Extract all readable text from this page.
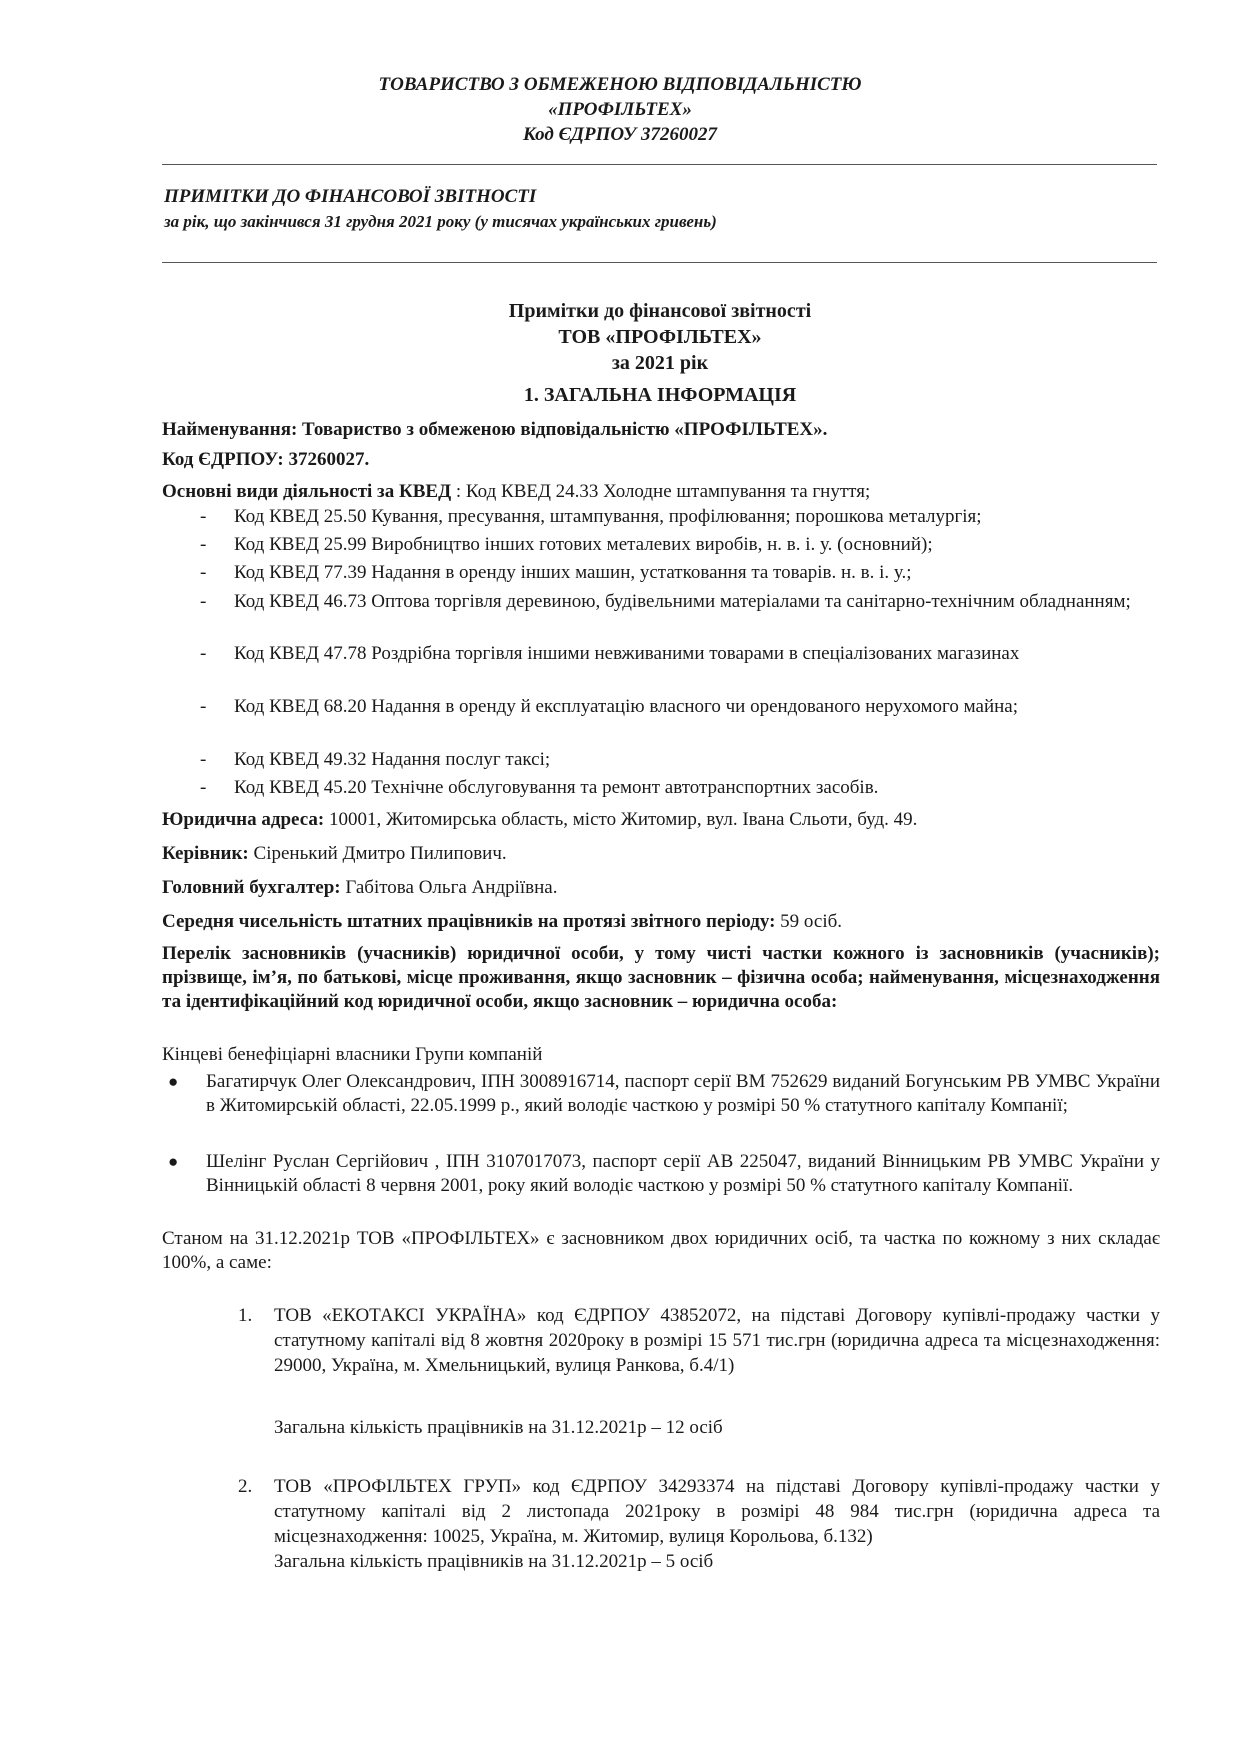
ТОВАРИСТВО З ОБМЕЖЕНОЮ ВІДПОВІДАЛЬНІСТЮ
«ПРОФІЛЬТЕХ»
Код ЄДРПОУ 37260027
ПРИМІТКИ ДО ФІНАНСОВОЇ ЗВІТНОСТІ
за рік, що закінчився 31 грудня 2021 року (у тисячах українських гривень)
Примітки до фінансової звітності
ТОВ «ПРОФІЛЬТЕХ»
за 2021 рік
1. ЗАГАЛЬНА ІНФОРМАЦІЯ
Найменування: Товариство з обмеженою відповідальністю «ПРОФІЛЬТЕХ».
Код ЄДРПОУ: 37260027.
Основні види діяльності за КВЕД : Код КВЕД 24.33 Холодне штампування та гнуття;
-	Код КВЕД 25.50 Кування, пресування, штампування, профілювання; порошкова металургія;
-	Код КВЕД 25.99 Виробництво інших готових металевих виробів, н. в. і. у. (основний);
-	Код КВЕД 77.39 Надання в оренду інших машин, устатковання та товарів. н. в. і. у.;
-	Код КВЕД 46.73 Оптова торгівля деревиною, будівельними матеріалами та санітарно-технічним обладнанням;
-	Код КВЕД 47.78 Роздрібна торгівля іншими невживаними товарами в спеціалізованих магазинах
-	Код КВЕД 68.20 Надання в оренду й експлуатацію власного чи орендованого нерухомого майна;
-	Код КВЕД 49.32 Надання послуг таксі;
-	Код КВЕД 45.20 Технічне обслуговування та ремонт автотранспортних засобів.
Юридична адреса: 10001, Житомирська область, місто Житомир, вул. Івана Сльоти, буд. 49.
Керівник: Сіренький Дмитро Пилипович.
Головний бухгалтер: Габітова Ольга Андріївна.
Середня чисельність штатних працівників на протязі звітного періоду: 59 осіб.
Перелік засновників (учасників) юридичної особи, у тому чисті частки кожного із засновників (учасників); прізвище, ім’я, по батькові, місце проживання, якщо засновник – фізична особа; найменування, місцезнаходження та ідентифікаційний код юридичної особи, якщо засновник – юридична особа:
Кінцеві бенефіціарні власники Групи компаній
● Багатирчук Олег Олександрович, ІПН 3008916714, паспорт серії ВМ 752629 виданий Богунським РВ УМВС України в Житомирській області, 22.05.1999 р., який володіє часткою у розмірі 50 % статутного капіталу Компанії;
● Шелінг Руслан Сергійович , ІПН 3107017073, паспорт серії АВ 225047, виданий Вінницьким РВ УМВС України у Вінницькій області 8 червня 2001, року який володіє часткою у розмірі 50 % статутного капіталу Компанії.
Станом на 31.12.2021р ТОВ «ПРОФІЛЬТЕХ» є засновником двох юридичних осіб, та частка по кожному з них складає 100%, а саме:
1. ТОВ «ЕКОТАКСІ УКРАЇНА» код ЄДРПОУ 43852072, на підставі Договору купівлі-продажу частки у статутному капіталі від 8 жовтня 2020року в розмірі 15 571 тис.грн (юридична адреса та місцезнаходження: 29000, Україна, м. Хмельницький, вулиця Ранкова, б.4/1)
Загальна кількість працівників на 31.12.2021р – 12 осіб
2. ТОВ «ПРОФІЛЬТЕХ ГРУП» код ЄДРПОУ 34293374 на підставі Договору купівлі-продажу частки у статутному капіталі від 2 листопада 2021року в розмірі 48 984 тис.грн (юридична адреса та місцезнаходження: 10025, Україна, м. Житомир, вулиця Корольова, б.132)
Загальна кількість працівників на 31.12.2021р – 5 осіб
